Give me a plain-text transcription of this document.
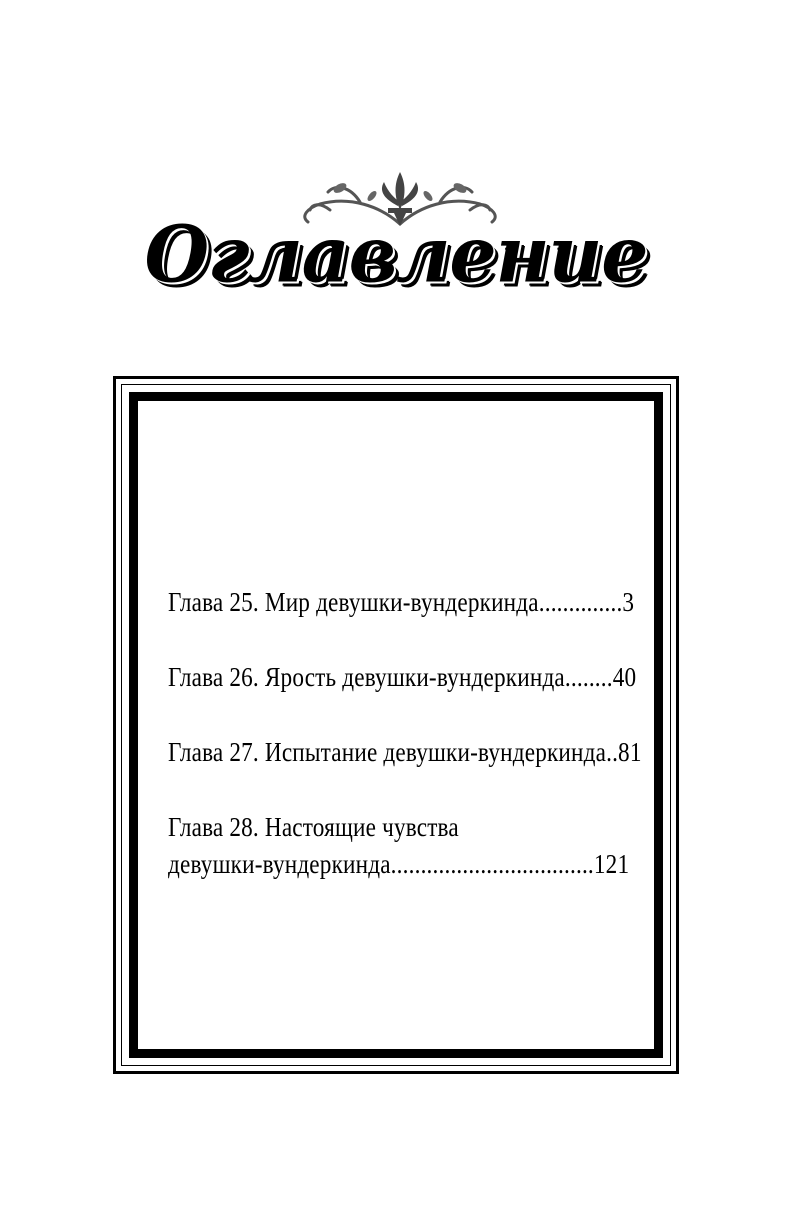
Оглавление
Глава 25. Мир девушки-вундеркинда..............3
Глава 26. Ярость девушки-вундеркинда........40
Глава 27. Испытание девушки-вундеркинда..81
Глава 28. Настоящие чувства
девушки-вундеркинда..................................121
